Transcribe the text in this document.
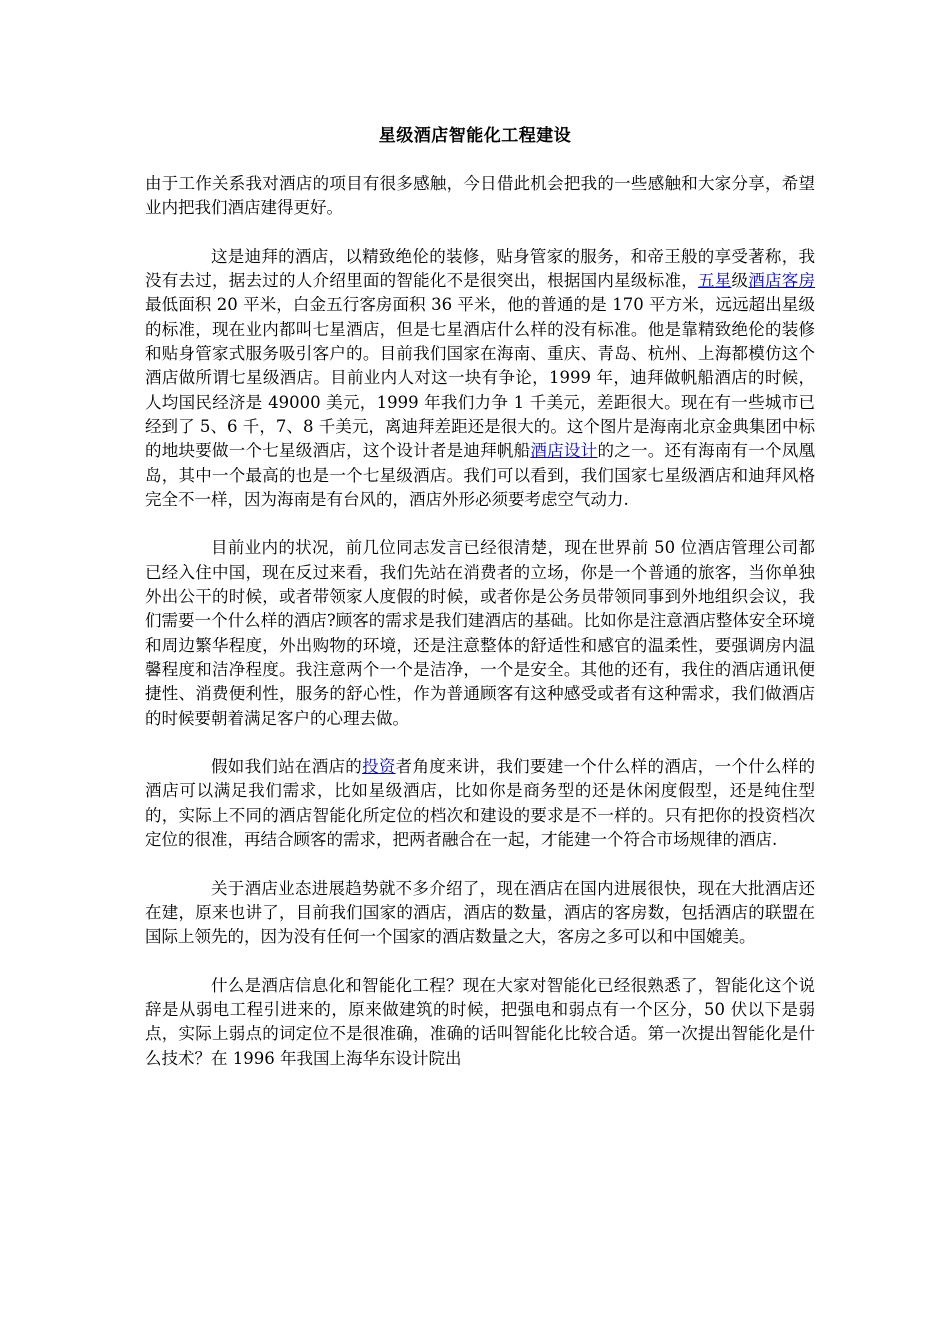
星级酒店智能化工程建设

由于工作关系我对酒店的项目有很多感触，今日借此机会把我的一些感触和大家分享，希望业内把我们酒店建得更好。

这是迪拜的酒店，以精致绝伦的装修，贴身管家的服务，和帝王般的享受著称，我没有去过，据去过的人介绍里面的智能化不是很突出，根据国内星级标准，五星级酒店客房最低面积 20 平米，白金五行客房面积 36 平米，他的普通的是 170 平方米，远远超出星级的标准，现在业内都叫七星酒店，但是七星酒店什么样的没有标准。他是靠精致绝伦的装修和贴身管家式服务吸引客户的。目前我们国家在海南、重庆、青岛、杭州、上海都模仿这个酒店做所谓七星级酒店。目前业内人对这一块有争论，1999 年，迪拜做帆船酒店的时候，人均国民经济是 49000 美元，1999 年我们力争 1 千美元，差距很大。现在有一些城市已经到了 5、6 千，7、8 千美元，离迪拜差距还是很大的。这个图片是海南北京金典集团中标的地块要做一个七星级酒店，这个设计者是迪拜帆船酒店设计的之一。还有海南有一个凤凰岛，其中一个最高的也是一个七星级酒店。我们可以看到，我们国家七星级酒店和迪拜风格完全不一样，因为海南是有台风的，酒店外形必须要考虑空气动力.

目前业内的状况，前几位同志发言已经很清楚，现在世界前 50 位酒店管理公司都已经入住中国，现在反过来看，我们先站在消费者的立场，你是一个普通的旅客，当你单独外出公干的时候，或者带领家人度假的时候，或者你是公务员带领同事到外地组织会议，我们需要一个什么样的酒店?顾客的需求是我们建酒店的基础。比如你是注意酒店整体安全环境和周边繁华程度，外出购物的环境，还是注意整体的舒适性和感官的温柔性，要强调房内温馨程度和洁净程度。我注意两个一个是洁净，一个是安全。其他的还有，我住的酒店通讯便捷性、消费便利性，服务的舒心性，作为普通顾客有这种感受或者有这种需求，我们做酒店的时候要朝着满足客户的心理去做。

假如我们站在酒店的投资者角度来讲，我们要建一个什么样的酒店，一个什么样的酒店可以满足我们需求，比如星级酒店，比如你是商务型的还是休闲度假型，还是纯住型的，实际上不同的酒店智能化所定位的档次和建设的要求是不一样的。只有把你的投资档次定位的很准，再结合顾客的需求，把两者融合在一起，才能建一个符合市场规律的酒店.

关于酒店业态进展趋势就不多介绍了，现在酒店在国内进展很快，现在大批酒店还在建，原来也讲了，目前我们国家的酒店，酒店的数量，酒店的客房数，包括酒店的联盟在国际上领先的，因为没有任何一个国家的酒店数量之大，客房之多可以和中国媲美。

什么是酒店信息化和智能化工程？现在大家对智能化已经很熟悉了，智能化这个说辞是从弱电工程引进来的，原来做建筑的时候，把强电和弱点有一个区分，50 伏以下是弱点，实际上弱点的词定位不是很准确，准确的话叫智能化比较合适。第一次提出智能化是什么技术？在 1996 年我国上海华东设计院出
